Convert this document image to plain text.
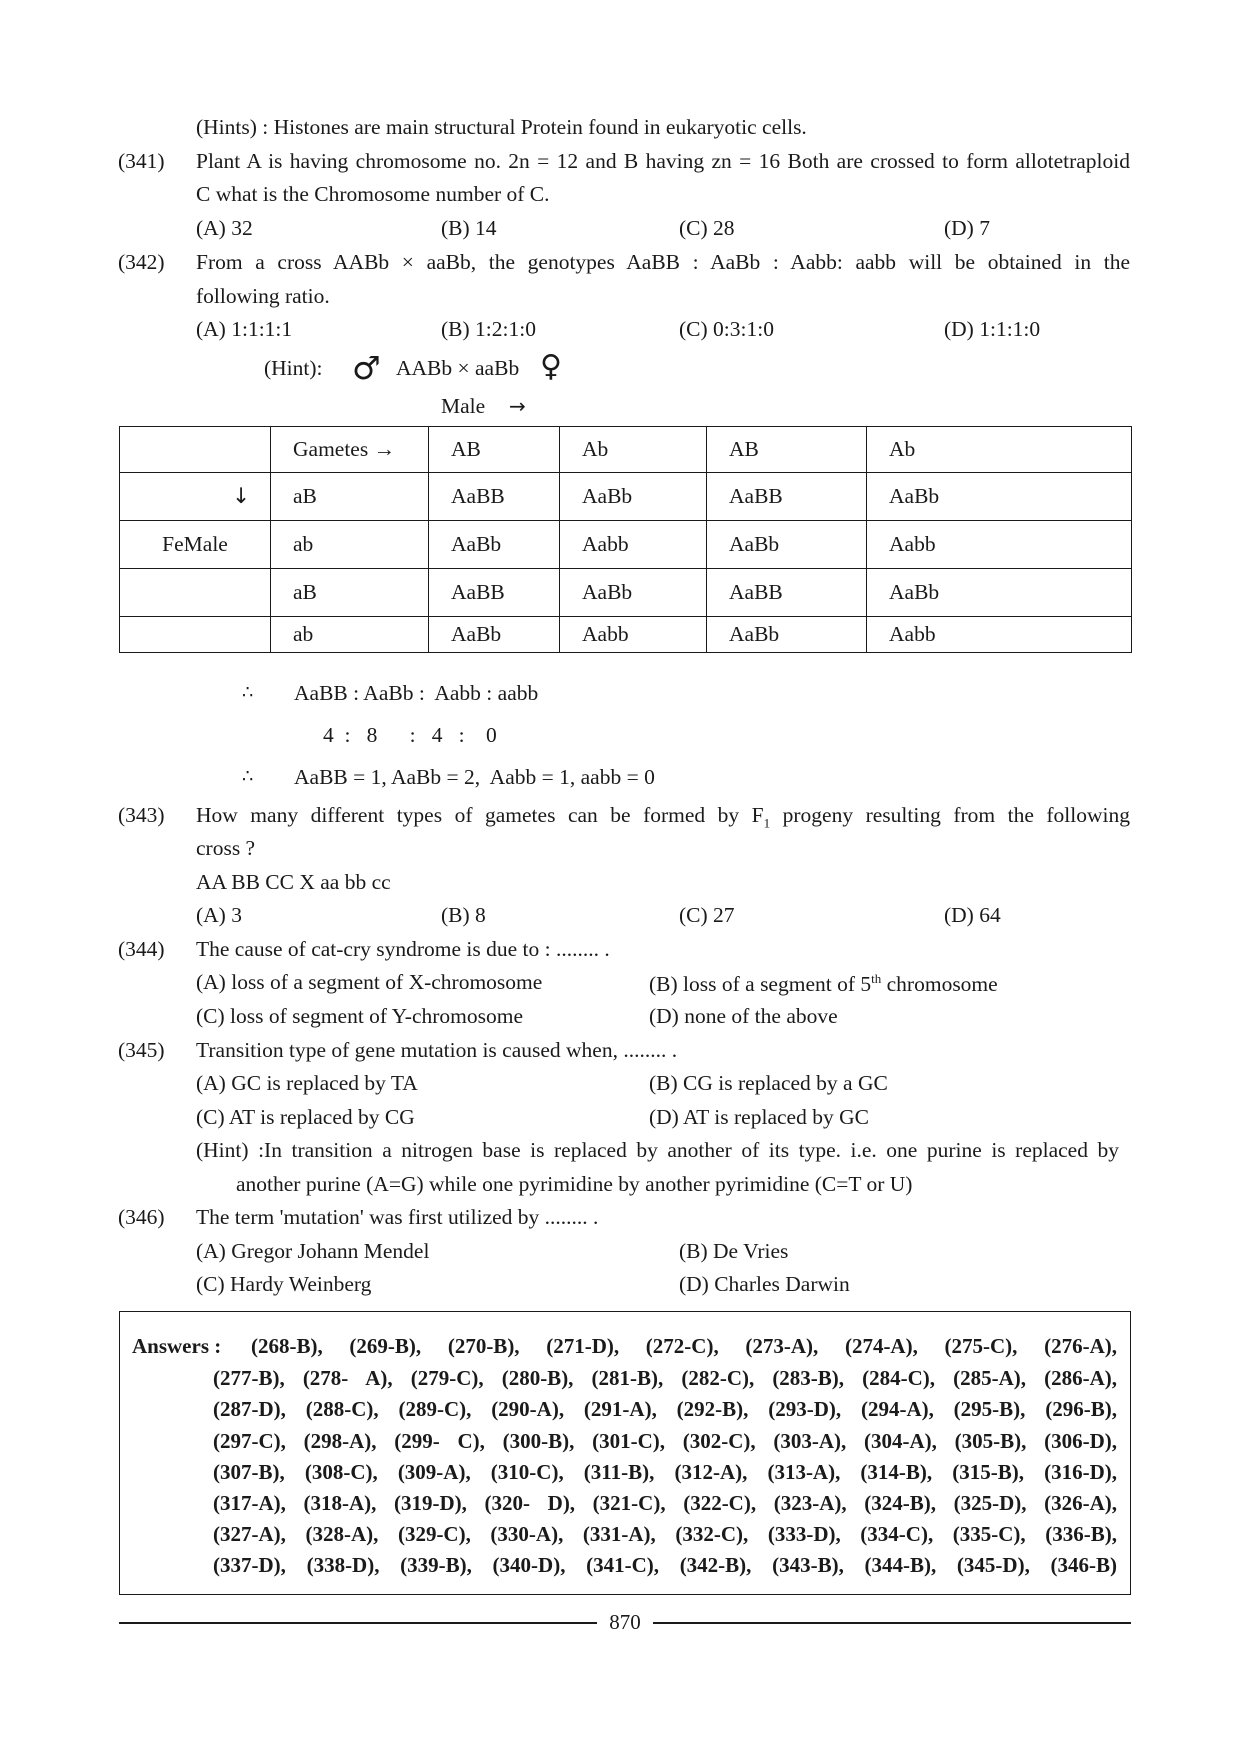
(Hints) : Histones are main structural Protein found in eukaryotic cells.
(341) Plant A is having chromosome no. 2n = 12 and B having zn = 16 Both are crossed to form allotetraploid
C what is the Chromosome number of C.
(A) 32	(B) 14	(C) 28	(D) 7
(342) From a cross AABb × aaBb, the genotypes AaBB : AaBb : Aabb: aabb will be obtained in the
following ratio.
(A) 1:1:1:1	(B) 1:2:1:0	(C) 0:3:1:0	(D) 1:1:1:0
(Hint): ♂ AABb × aaBb ♀
Male →
	Gametes →	AB	Ab	AB	Ab
↓	aB	AaBB	AaBb	AaBB	AaBb
FeMale	ab	AaBb	Aabb	AaBb	Aabb
	aB	AaBB	AaBb	AaBB	AaBb
	ab	AaBb	Aabb	AaBb	Aabb
∴ AaBB : AaBb :  Aabb : aabb
4  :   8      :   4   :    0
∴ AaBB = 1, AaBb = 2,  Aabb = 1, aabb = 0
(343) How many different types of gametes can be formed by $F_1$ progeny resulting from the following
cross ?
AA BB CC X aa bb cc
(A) 3	(B) 8	(C) 27	(D) 64
(344) The cause of cat-cry syndrome is due to : ........ .
(A) loss of a segment of X-chromosome	(B) loss of a segment of 5th chromosome
(C) loss of segment of Y-chromosome	(D) none of the above
(345) Transition type of gene mutation is caused when, ........ .
(A) GC is replaced by TA	(B) CG is replaced by a GC
(C) AT is replaced by CG	(D) AT is replaced by GC
(Hint) :In transition a nitrogen base is replaced by another of its type. i.e. one purine is replaced by
another purine (A=G) while one pyrimidine by another pyrimidine (C=T or U)
(346) The term 'mutation' was first utilized by ........ .
(A) Gregor Johann Mendel	(B) De Vries
(C) Hardy Weinberg	(D) Charles Darwin
Answers : (268-B), (269-B), (270-B), (271-D), (272-C), (273-A), (274-A), (275-C), (276-A),
(277-B), (278- A), (279-C), (280-B), (281-B), (282-C), (283-B), (284-C), (285-A), (286-A),
(287-D), (288-C), (289-C), (290-A), (291-A), (292-B), (293-D), (294-A), (295-B), (296-B),
(297-C), (298-A), (299- C), (300-B), (301-C), (302-C), (303-A), (304-A), (305-B), (306-D),
(307-B), (308-C), (309-A), (310-C), (311-B), (312-A), (313-A), (314-B), (315-B), (316-D),
(317-A), (318-A), (319-D), (320- D), (321-C), (322-C), (323-A), (324-B), (325-D), (326-A),
(327-A), (328-A), (329-C), (330-A), (331-A), (332-C), (333-D), (334-C), (335-C), (336-B),
(337-D), (338-D), (339-B), (340-D), (341-C), (342-B), (343-B), (344-B), (345-D), (346-B)
870
